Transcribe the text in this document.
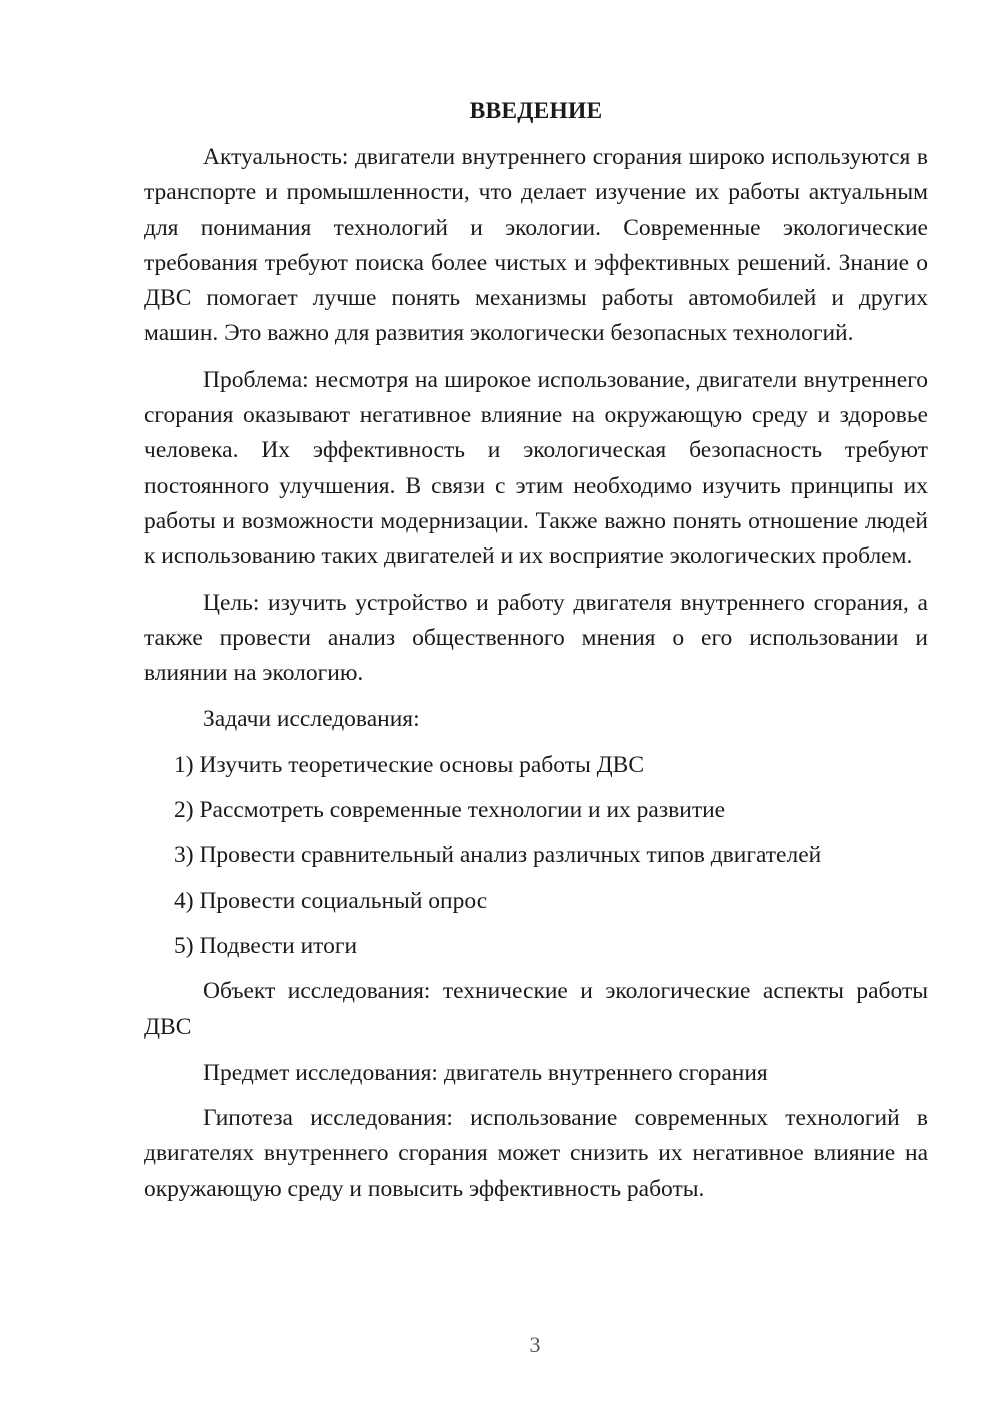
ВВЕДЕНИЕ

Актуальность: двигатели внутреннего сгорания широко используются в транспорте и промышленности, что делает изучение их работы актуальным для понимания технологий и экологии. Современные экологические требования требуют поиска более чистых и эффективных решений. Знание о ДВС помогает лучше понять механизмы работы автомобилей и других машин. Это важно для развития экологически безопасных технологий.

Проблема: несмотря на широкое использование, двигатели внутреннего сгорания оказывают негативное влияние на окружающую среду и здоровье человека. Их эффективность и экологическая безопасность требуют постоянного улучшения. В связи с этим необходимо изучить принципы их работы и возможности модернизации. Также важно понять отношение людей к использованию таких двигателей и их восприятие экологических проблем.

Цель: изучить устройство и работу двигателя внутреннего сгорания, а также провести анализ общественного мнения о его использовании и влиянии на экологию.

Задачи исследования:

1) Изучить теоретические основы работы ДВС
2) Рассмотреть современные технологии и их развитие
3) Провести сравнительный анализ различных типов двигателей
4) Провести социальный опрос
5) Подвести итоги

Объект исследования: технические и экологические аспекты работы ДВС

Предмет исследования: двигатель внутреннего сгорания

Гипотеза исследования: использование современных технологий в двигателях внутреннего сгорания может снизить их негативное влияние на окружающую среду и повысить эффективность работы.

3
